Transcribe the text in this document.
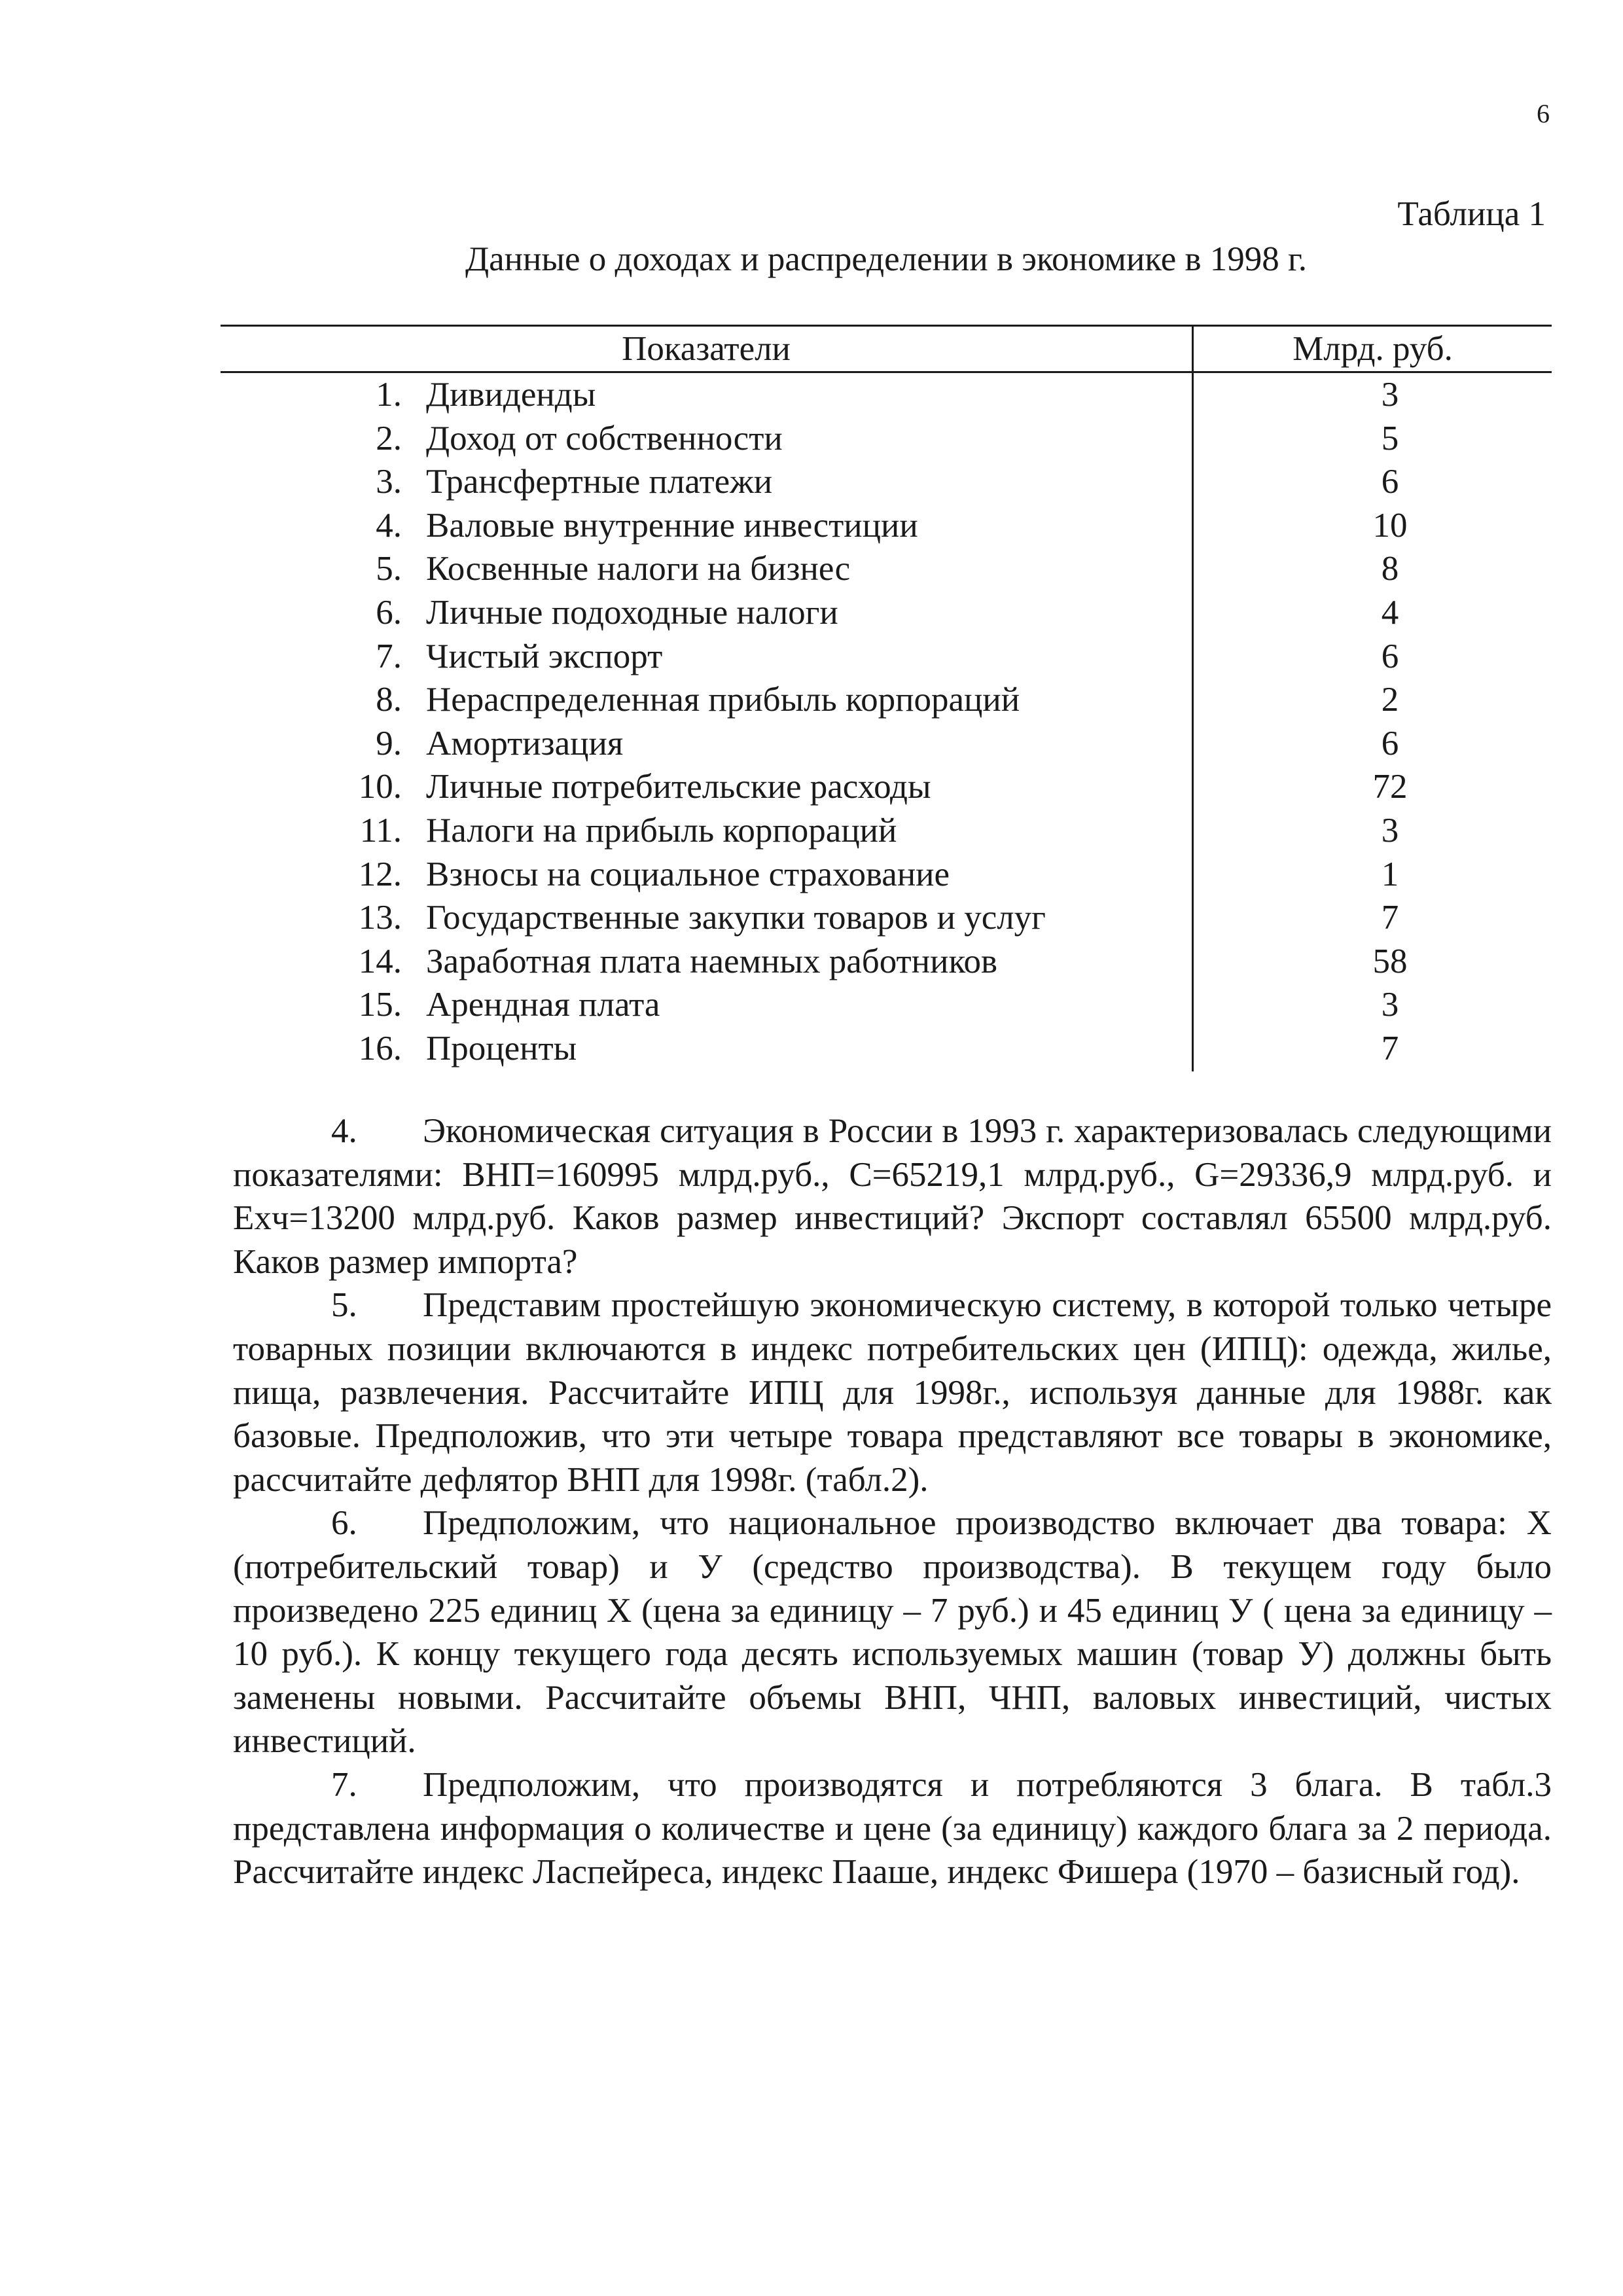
6
Таблица 1
Данные о доходах и распределении в экономике в 1998 г.
Показатели	Млрд. руб.
1. Дивиденды	3
2. Доход от собственности	5
3. Трансфертные платежи	6
4. Валовые внутренние инвестиции	10
5. Косвенные налоги на бизнес	8
6. Личные подоходные налоги	4
7. Чистый экспорт	6
8. Нераспределенная прибыль корпораций	2
9. Амортизация	6
10. Личные потребительские расходы	72
11. Налоги на прибыль корпораций	3
12. Взносы на социальное страхование	1
13. Государственные закупки товаров и услуг	7
14. Заработная плата наемных работников	58
15. Арендная плата	3
16. Проценты	7

4. Экономическая ситуация в России в 1993 г. характеризовалась следующими показателями: ВНП=160995 млрд.руб., С=65219,1 млрд.руб., G=29336,9 млрд.руб. и Exч=13200 млрд.руб. Каков размер инвестиций? Экспорт составлял 65500 млрд.руб. Каков размер импорта?

5. Представим простейшую экономическую систему, в которой только четыре товарных позиции включаются в индекс потребительских цен (ИПЦ): одежда, жилье, пища, развлечения. Рассчитайте ИПЦ для 1998г., используя данные для 1988г. как базовые. Предположив, что эти четыре товара представляют все товары в экономике, рассчитайте дефлятор ВНП для 1998г. (табл.2).

6. Предположим, что национальное производство включает два товара: Х (потребительский товар) и У (средство производства). В текущем году было произведено 225 единиц Х (цена за единицу – 7 руб.) и 45 единиц У ( цена за единицу – 10 руб.). К концу текущего года десять используемых машин (товар У) должны быть заменены новыми. Рассчитайте объемы ВНП, ЧНП, валовых инвестиций, чистых инвестиций.

7. Предположим, что производятся и потребляются 3 блага. В табл.3 представлена информация о количестве и цене (за единицу) каждого блага за 2 периода. Рассчитайте индекс Ласпейреса, индекс Пааше, индекс Фишера (1970 – базисный год).
